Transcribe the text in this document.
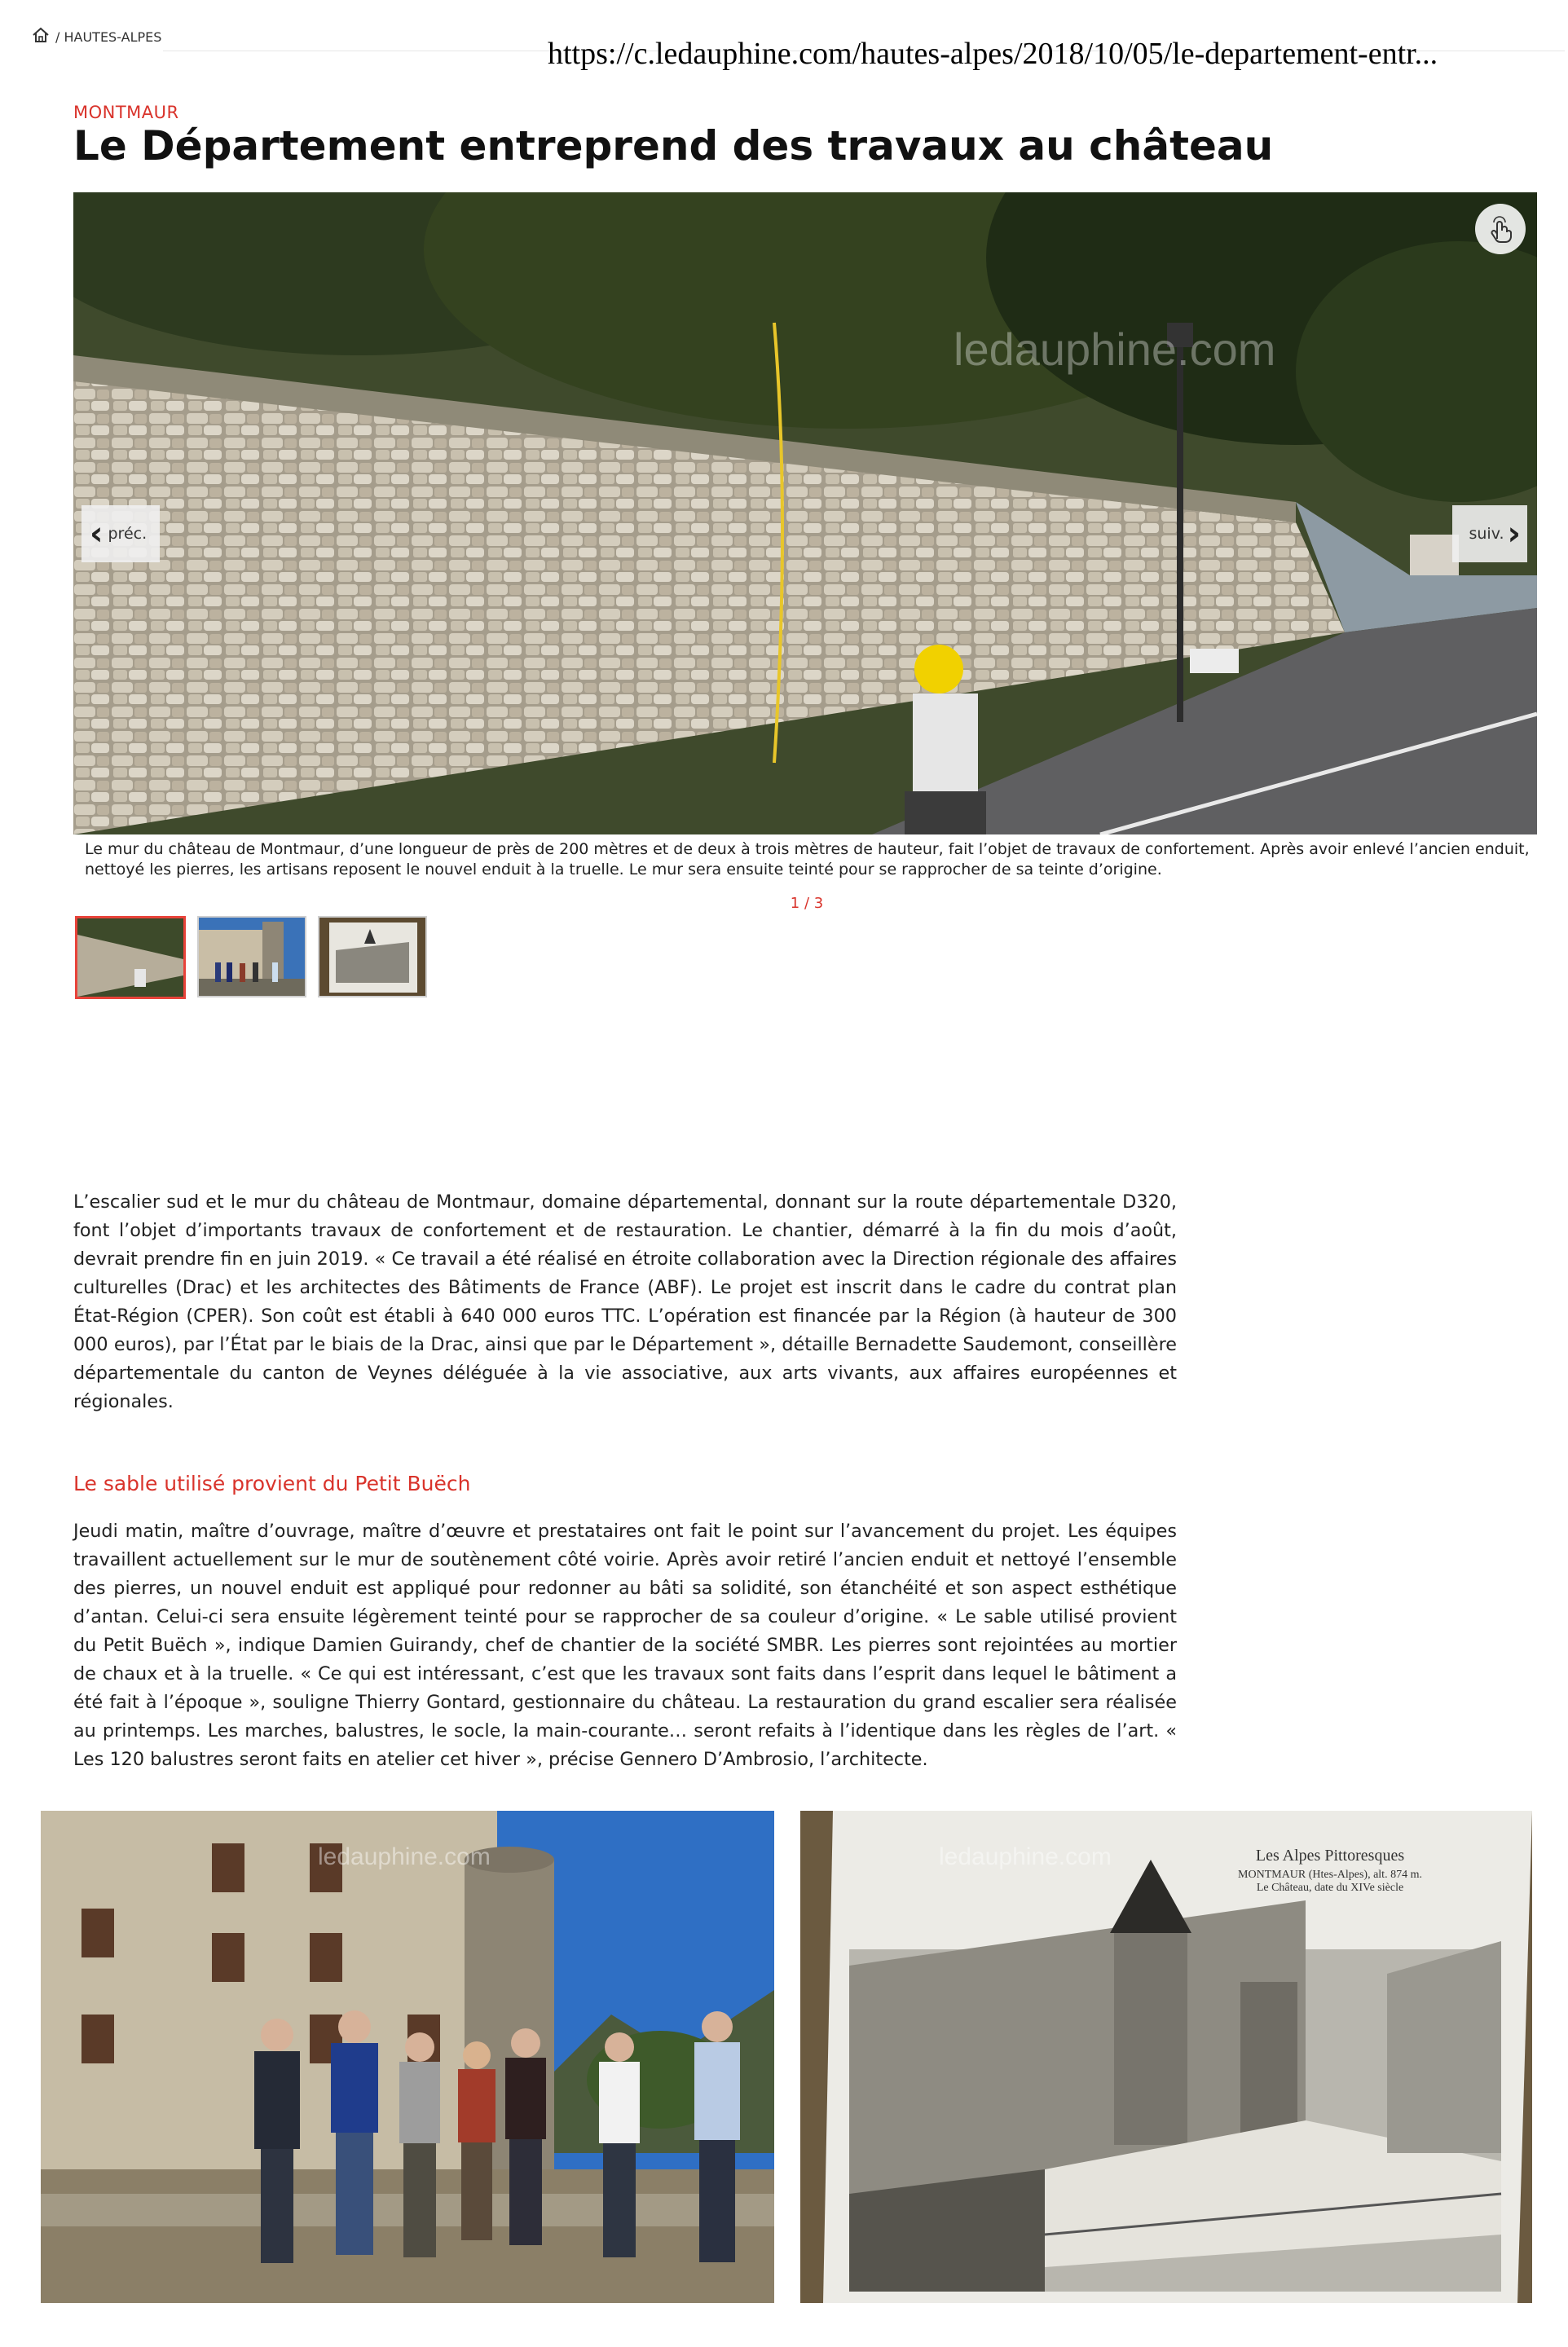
/ HAUTES-ALPES	https://c.ledauphine.com/hautes-alpes/2018/10/05/le-departement-entr...
MONTMAUR
Le Département entreprend des travaux au château
ledauphine.com
‹ préc.	suiv. ›

Le mur du château de Montmaur, d’une longueur de près de 200 mètres et de deux à trois mètres de hauteur, fait l’objet de travaux de confortement. Après avoir enlevé l’ancien enduit, nettoyé les pierres, les artisans reposent le nouvel enduit à la truelle. Le mur sera ensuite teinté pour se rapprocher de sa teinte d’origine.

1 / 3

L’escalier sud et le mur du château de Montmaur, domaine départemental, donnant sur la route départementale D320, font l’objet d’importants travaux de confortement et de restauration. Le chantier, démarré à la fin du mois d’août, devrait prendre fin en juin 2019. « Ce travail a été réalisé en étroite collaboration avec la Direction régionale des affaires culturelles (Drac) et les architectes des Bâtiments de France (ABF). Le projet est inscrit dans le cadre du contrat plan État-Région (CPER). Son coût est établi à 640 000 euros TTC. L’opération est financée par la Région (à hauteur de 300 000 euros), par l’État par le biais de la Drac, ainsi que par le Département », détaille Bernadette Saudemont, conseillère départementale du canton de Veynes déléguée à la vie associative, aux arts vivants, aux affaires européennes et régionales.

Le sable utilisé provient du Petit Buëch

Jeudi matin, maître d’ouvrage, maître d’œuvre et prestataires ont fait le point sur l’avancement du projet. Les équipes travaillent actuellement sur le mur de soutènement côté voirie. Après avoir retiré l’ancien enduit et nettoyé l’ensemble des pierres, un nouvel enduit est appliqué pour redonner au bâti sa solidité, son étanchéité et son aspect esthétique d’antan. Celui-ci sera ensuite légèrement teinté pour se rapprocher de sa couleur d’origine. « Le sable utilisé provient du Petit Buëch », indique Damien Guirandy, chef de chantier de la société SMBR. Les pierres sont rejointées au mortier de chaux et à la truelle. « Ce qui est intéressant, c’est que les travaux sont faits dans l’esprit dans lequel le bâtiment a été fait à l’époque », souligne Thierry Gontard, gestionnaire du château. La restauration du grand escalier sera réalisée au printemps. Les marches, balustres, le socle, la main-courante… seront refaits à l’identique dans les règles de l’art. « Les 120 balustres seront faits en atelier cet hiver », précise Gennero D’Ambrosio, l’architecte.

ledauphine.com	Les Alpes Pittoresques
MONTMAUR (Htes-Alpes), alt. 874 m.
Le Château, date du XIVe siècle
ledauphine.com
